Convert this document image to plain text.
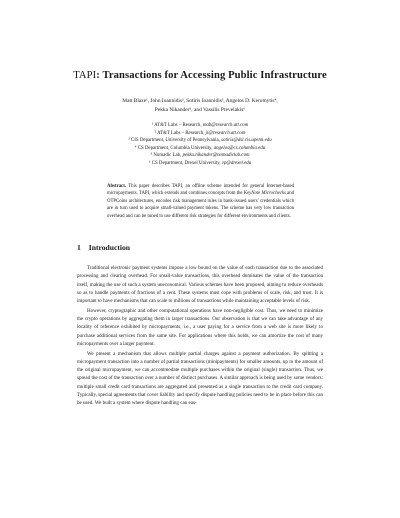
TAPI: Transactions for Accessing Public Infrastructure
Matt Blaze¹, John Ioannidis², Sotiris Ioannidis³, Angelos D. Keromytis⁴,
Pekka Nikander⁵, and Vassilis Prevelakis⁶
¹ AT&T Labs – Research, mab@research.att.com
² AT&T Labs – Research, ji@research.att.com
³ CIS Department, University of Pennsylvania, sotiris@dsl.cis.upenn.edu
⁴ CS Department, Columbia University, angelos@cs.columbia.edu
⁵ Nomadic Lab, pekka.nikander@nomadiclab.com
⁶ CS Department, Drexel University, vp@drexel.edu
Abstract. This paper describes TAPI, an offline scheme intended for general Internet-based micropayments. TAPI, which extends and combines concepts from the KeyNote Microchecks and OTPCoins architectures, encodes risk management rules in bank-issued users' credentials which are in turn used to acquire small-valued payment tokens. The scheme has very low transaction overhead and can be tuned to use different risk strategies for different environments and clients.
1 Introduction

Traditional electronic payment systems impose a low bound on the value of each transaction due to the associated processing and clearing overhead. For small-value transactions, this overhead dominates the value of the transaction itself, making the use of such a system uneconomical. Various schemes have been proposed, aiming to reduce overheads so as to handle payments of fractions of a cent. These systems must cope with problems of scale, risk, and trust. It is important to have mechanisms that can scale to millions of transactions while maintaining acceptable levels of risk.

However, cryptographic and other computational operations have non-negligible cost. Thus, we need to minimize the crypto operations by aggregating them in larger transactions. Our observation is that we can take advantage of any locality of reference exhibited by micropayments, i.e., a user paying for a service from a web site is more likely to purchase additional services from the same site. For applications where this holds, we can amortize the cost of many micropayments over a larger payment.

We present a mechanism that allows multiple partial charges against a payment authorization. By splitting a micropayment transaction into a number of partial transactions (minipayments) for smaller amounts, up to the amount of the original micropayment, we can accommodate multiple purchases within the original (single) transaction. Thus, we spread the cost of the transaction over a number of distinct purchases. A similar approach is being used by some vendors: multiple small credit card transactions are aggregated and presented as a single transaction to the credit card company. Typically, special agreements that cover liability and specify dispute handling policies need to be in place before this can be used. We built a system where dispute handling can eas-
